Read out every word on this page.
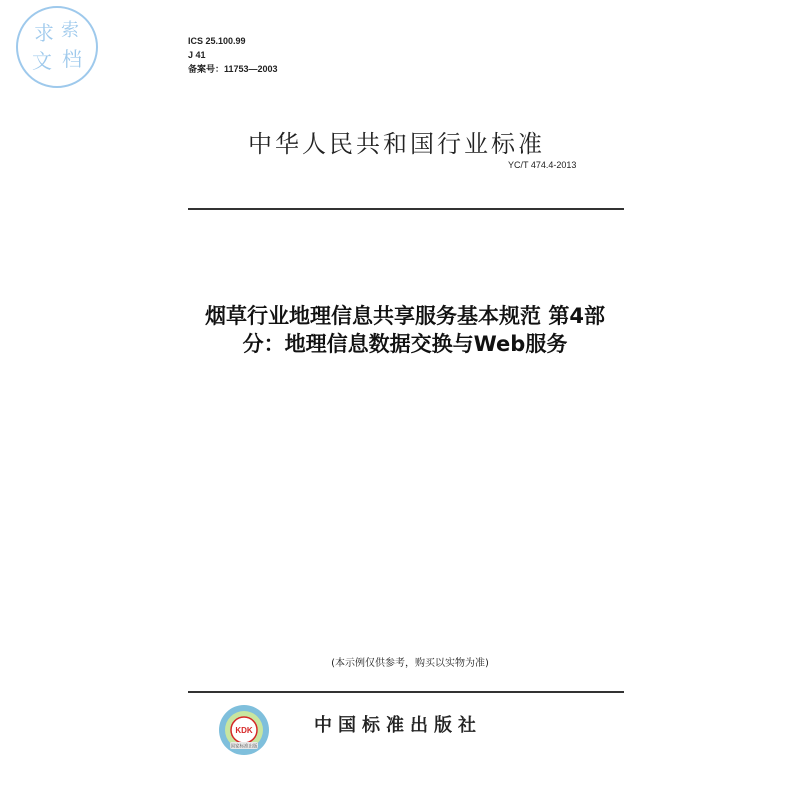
求 索
文 档
ICS 25.100.99
J 41
备案号：11753—2003
中华人民共和国行业标准
YC/T 474.4-2013
烟草行业地理信息共享服务基本规范 第4部
分：地理信息数据交换与Web服务
(本示例仅供参考，购买以实物为准)
KDK
国家标准出版
中国标准出版社
